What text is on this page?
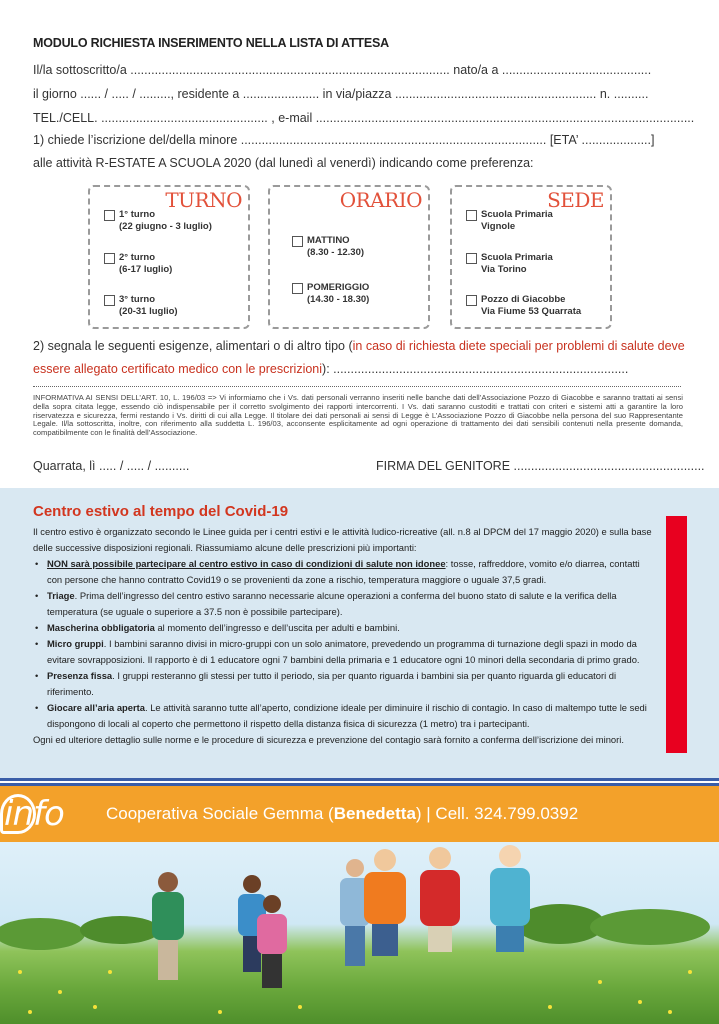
MODULO RICHIESTA INSERIMENTO NELLA LISTA DI ATTESA
Il/la sottoscritto/a ............................................................................................ nato/a a ...........................................
il giorno ...... / ..... / ........., residente a ...................... in via/piazza .......................................................... n. ..........
TEL./CELL. ................................................ , e-mail .............................................................................................................
1) chiede l’iscrizione del/della minore ........................................................................................ [ETA’ ....................]
alle attività R-ESTATE A SCUOLA 2020 (dal lunedì al venerdì) indicando come preferenza:
TURNO
1° turno
(22 giugno - 3 luglio)
2° turno
(6-17 luglio)
3° turno
(20-31 luglio)
ORARIO
MATTINO
(8.30 - 12.30)
POMERIGGIO
(14.30 - 18.30)
SEDE
Scuola Primaria
Vignole
Scuola Primaria
Via Torino
Pozzo di Giacobbe
Via Fiume 53 Quarrata
2) segnala le seguenti esigenze, alimentari o di altro tipo (in caso di richiesta diete speciali per problemi di salute deve
essere allegato certificato medico con le prescrizioni): .....................................................................................
INFORMATIVA AI SENSI DELL’ART. 10, L. 196/03 => Vi informiamo che i Vs. dati personali verranno inseriti nelle banche dati dell’Associazione Pozzo di Giacobbe e saranno trattati ai sensi della sopra citata legge, essendo ciò indispensabile per il corretto svolgimento dei rapporti intercorrenti. I Vs. dati saranno custoditi e trattati con criteri e sistemi atti a garantire la loro riservatezza e sicurezza, fermi restando i Vs. diritti di cui alla Legge. Il titolare dei dati personali ai sensi di Legge è L’Associazione Pozzo di Giacobbe nella persona del suo Rappresentante Legale. Il/la sottoscritta, inoltre, con riferimento alla suddetta L. 196/03, acconsente esplicitamente ad ogni operazione di trattamento dei dati sensibili contenuti nella presente domanda, compatibilmente con le finalità dell’Associazione.
Quarrata, lì ..... / ..... / ..........	FIRMA DEL GENITORE .......................................................
Centro estivo al tempo del Covid-19

Il centro estivo è organizzato secondo le Linee guida per i centri estivi e le attività ludico-ricreative (all. n.8 al DPCM del 17 maggio 2020) e sulla base delle successive disposizioni regionali. Riassumiamo alcune delle prescrizioni più importanti:

• NON sarà possibile partecipare al centro estivo in caso di condizioni di salute non idonee: tosse, raffreddore, vomito e/o diarrea, contatti con persone che hanno contratto Covid19 o se provenienti da zone a rischio, temperatura maggiore o uguale 37,5 gradi.
• Triage. Prima dell’ingresso del centro estivo saranno necessarie alcune operazioni a conferma del buono stato di salute e la verifica della temperatura (se uguale o superiore a 37.5 non è possibile partecipare).
• Mascherina obbligatoria al momento dell’ingresso e dell’uscita per adulti e bambini.
• Micro gruppi. I bambini saranno divisi in micro-gruppi con un solo animatore, prevedendo un programma di turnazione degli spazi in modo da evitare sovrapposizioni. Il rapporto è di 1 educatore ogni 7 bambini della primaria e 1 educatore ogni 10 minori della secondaria di primo grado.
• Presenza fissa. I gruppi resteranno gli stessi per tutto il periodo, sia per quanto riguarda i bambini sia per quanto riguarda gli educatori di riferimento.
• Giocare all’aria aperta. Le attività saranno tutte all’aperto, condizione ideale per diminuire il rischio di contagio. In caso di maltempo tutte le sedi dispongono di locali al coperto che permettono il rispetto della distanza fisica di sicurezza (1 metro) tra i partecipanti.

Ogni ed ulteriore dettaglio sulle norme e le procedure di sicurezza e prevenzione del contagio sarà fornito a conferma dell’iscrizione dei minori.

info Cooperativa Sociale Gemma (Benedetta) | Cell. 324.799.0392
